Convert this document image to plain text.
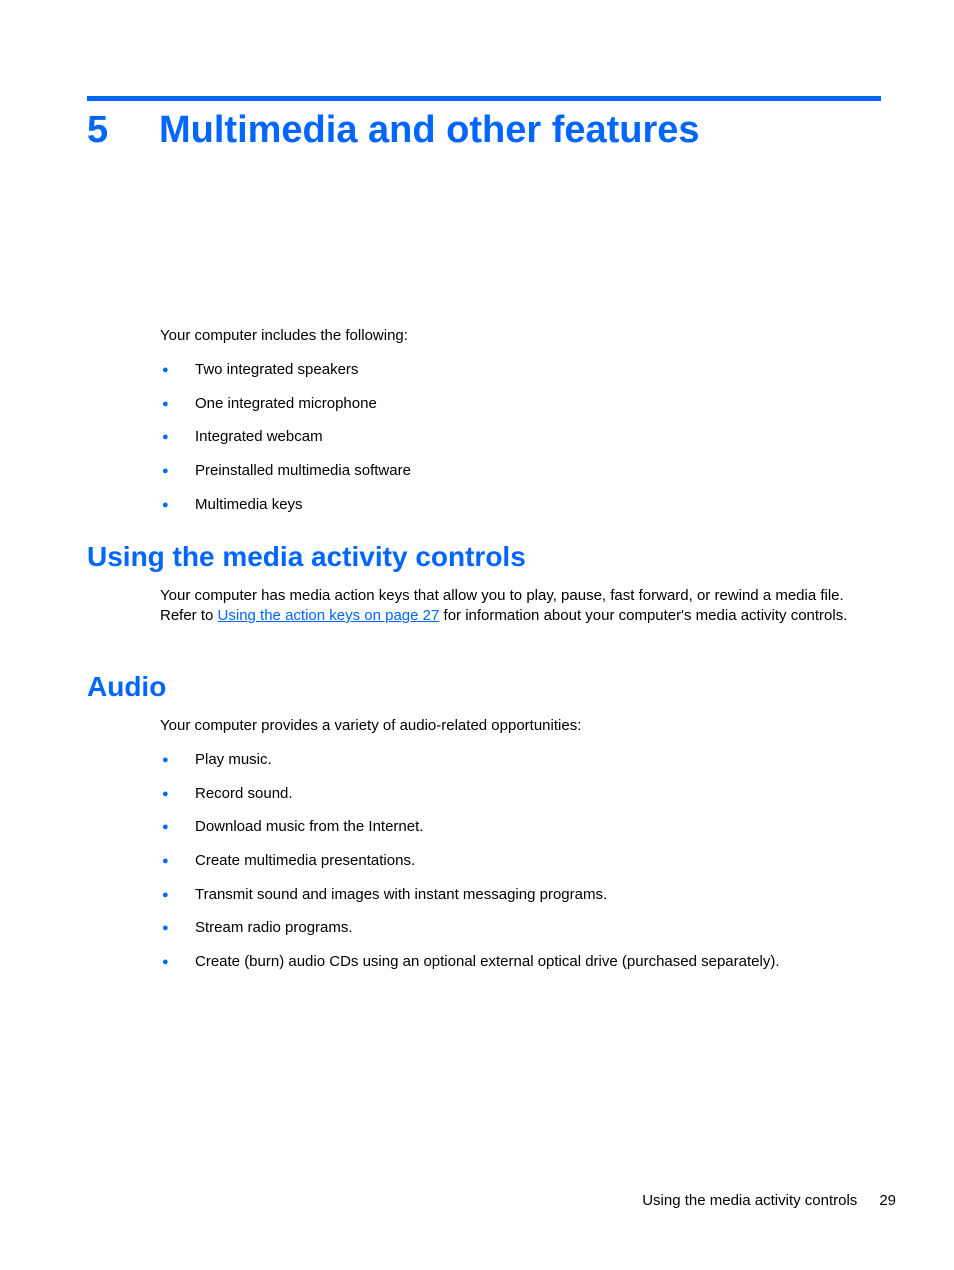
5 Multimedia and other features

Your computer includes the following:

● Two integrated speakers
● One integrated microphone
● Integrated webcam
● Preinstalled multimedia software
● Multimedia keys
Using the media activity controls

Your computer has media action keys that allow you to play, pause, fast forward, or rewind a media file. Refer to Using the action keys on page 27 for information about your computer's media activity controls.

Audio

Your computer provides a variety of audio-related opportunities:

● Play music.
● Record sound.
● Download music from the Internet.
● Create multimedia presentations.
● Transmit sound and images with instant messaging programs.
● Stream radio programs.
● Create (burn) audio CDs using an optional external optical drive (purchased separately).
Using the media activity controls 29
